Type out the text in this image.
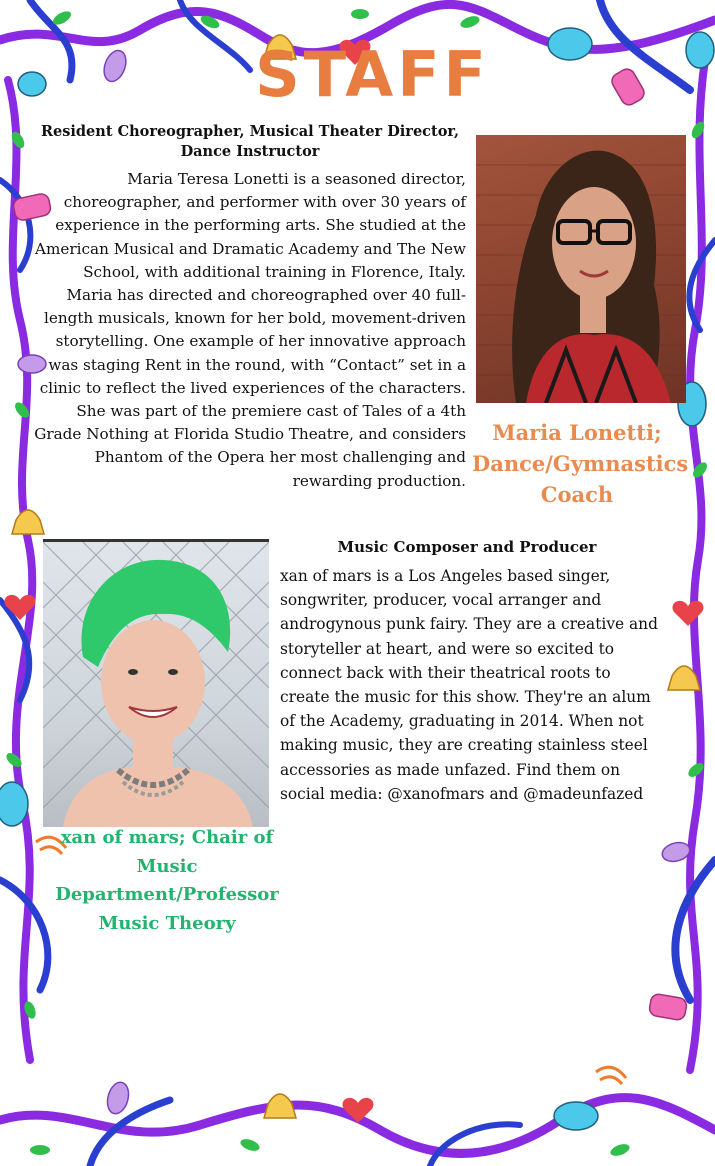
STAFF
Resident Choreographer, Musical Theater Director, Dance Instructor
Maria Teresa Lonetti is a seasoned director, choreographer, and performer with over 30 years of experience in the performing arts. She studied at the American Musical and Dramatic Academy and The New School, with additional training in Florence, Italy. Maria has directed and choreographed over 40 full-length musicals, known for her bold, movement-driven storytelling. One example of her innovative approach was staging Rent in the round, with “Contact” set in a clinic to reflect the lived experiences of the characters. She was part of the premiere cast of Tales of a 4th Grade Nothing at Florida Studio Theatre, and considers Phantom of the Opera her most challenging and rewarding production.
Maria Lonetti; Dance/Gymnastics Coach
xan of mars; Chair of Music Department/Professor Music Theory
Music Composer and Producer
xan of mars is a Los Angeles based singer, songwriter, producer, vocal arranger and androgynous punk fairy. They are a creative and storyteller at heart, and were so excited to connect back with their theatrical roots to create the music for this show. They're an alum of the Academy, graduating in 2014. When not making music, they are creating stainless steel accessories as made unfazed. Find them on social media: @xanofmars and @madeunfazed
